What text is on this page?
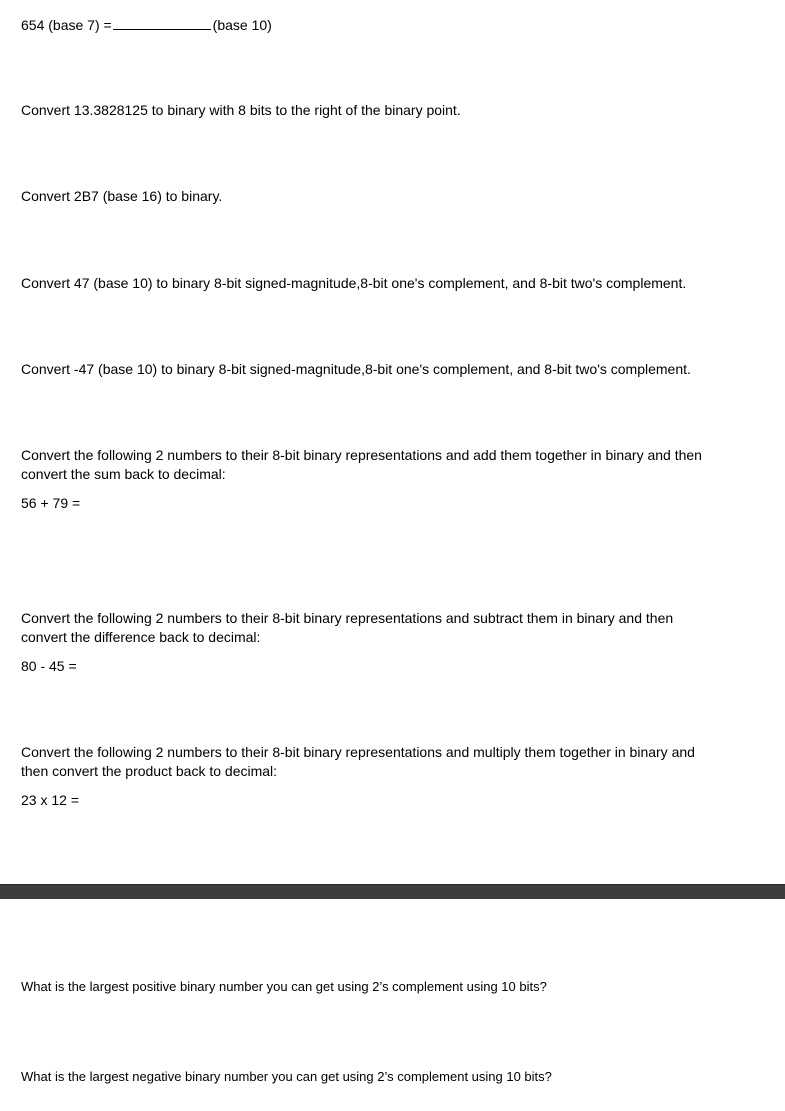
654 (base 7) =	(base 10)
Convert 13.3828125 to binary with 8 bits to the right of the binary point.
Convert 2B7 (base 16) to binary.
Convert 47 (base 10) to binary 8-bit signed-magnitude,8-bit one's complement, and 8-bit two's complement.
Convert -47 (base 10) to binary 8-bit signed-magnitude,8-bit one's complement, and 8-bit two's complement.
Convert the following 2 numbers to their 8-bit binary representations and add them together in binary and then
convert the sum back to decimal:
56 + 79 =
Convert the following 2 numbers to their 8-bit binary representations and subtract them in binary and then
convert the difference back to decimal:
80 - 45 =
Convert the following 2 numbers to their 8-bit binary representations and multiply them together in binary and
then convert the product back to decimal:
23 x 12 =
What is the largest positive binary number you can get using 2’s complement using 10 bits?
What is the largest negative binary number you can get using 2’s complement using 10 bits?
